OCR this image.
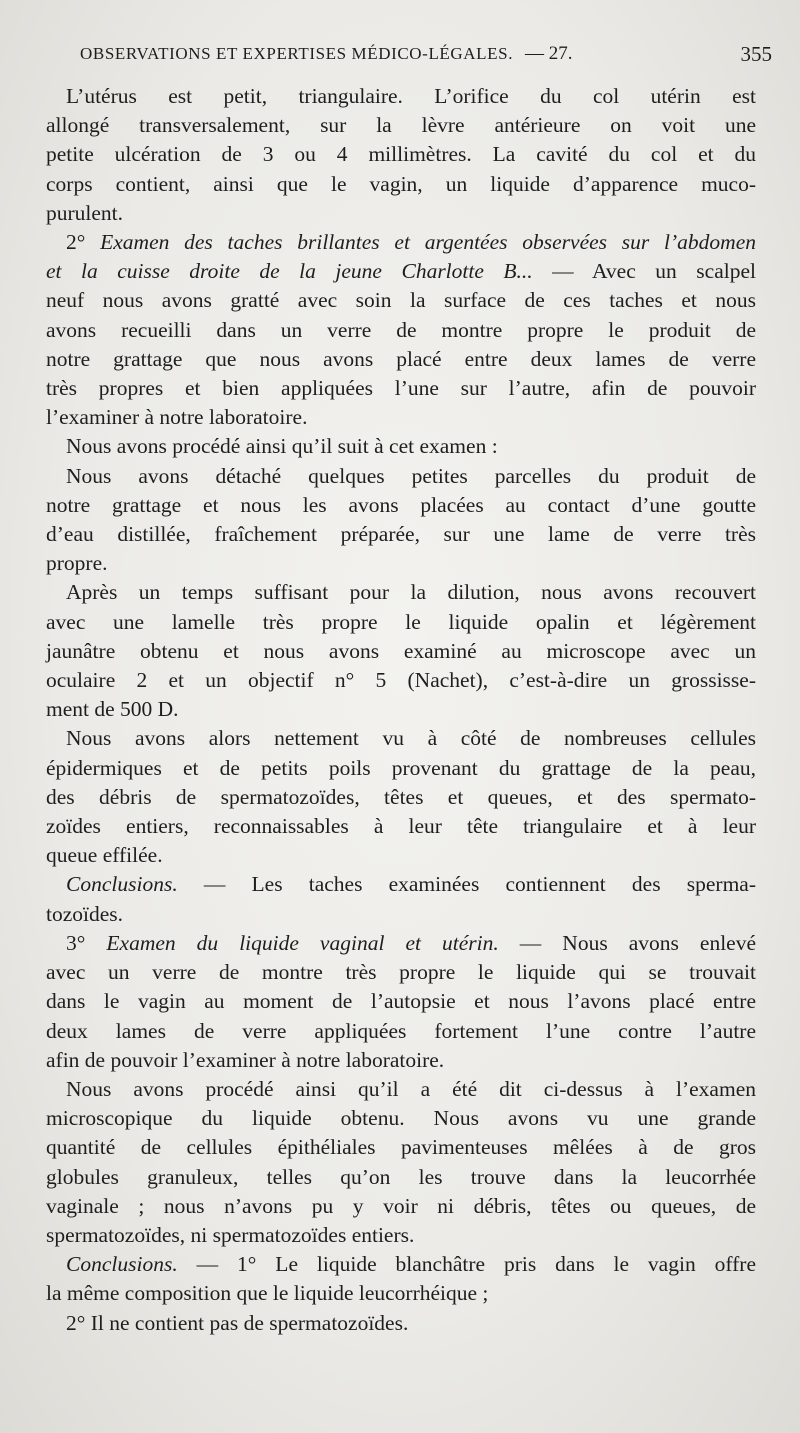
OBSERVATIONS ET EXPERTISES MÉDICO-LÉGALES. — 27.	355
L’utérus est petit, triangulaire. L’orifice du col utérin est
allongé transversalement, sur la lèvre antérieure on voit une
petite ulcération de 3 ou 4 millimètres. La cavité du col et du
corps contient, ainsi que le vagin, un liquide d’apparence muco-
purulent.
2° Examen des taches brillantes et argentées observées sur l’abdomen
et la cuisse droite de la jeune Charlotte B... — Avec un scalpel
neuf nous avons gratté avec soin la surface de ces taches et nous
avons recueilli dans un verre de montre propre le produit de
notre grattage que nous avons placé entre deux lames de verre
très propres et bien appliquées l’une sur l’autre, afin de pouvoir
l’examiner à notre laboratoire.
Nous avons procédé ainsi qu’il suit à cet examen :
Nous avons détaché quelques petites parcelles du produit de
notre grattage et nous les avons placées au contact d’une goutte
d’eau distillée, fraîchement préparée, sur une lame de verre très
propre.
Après un temps suffisant pour la dilution, nous avons recouvert
avec une lamelle très propre le liquide opalin et légèrement
jaunâtre obtenu et nous avons examiné au microscope avec un
oculaire 2 et un objectif n° 5 (Nachet), c’est-à-dire un grossisse-
ment de 500 D.
Nous avons alors nettement vu à côté de nombreuses cellules
épidermiques et de petits poils provenant du grattage de la peau,
des débris de spermatozoïdes, têtes et queues, et des spermato-
zoïdes entiers, reconnaissables à leur tête triangulaire et à leur
queue effilée.
Conclusions. — Les taches examinées contiennent des sperma-
tozoïdes.
3° Examen du liquide vaginal et utérin. — Nous avons enlevé
avec un verre de montre très propre le liquide qui se trouvait
dans le vagin au moment de l’autopsie et nous l’avons placé entre
deux lames de verre appliquées fortement l’une contre l’autre
afin de pouvoir l’examiner à notre laboratoire.
Nous avons procédé ainsi qu’il a été dit ci-dessus à l’examen
microscopique du liquide obtenu. Nous avons vu une grande
quantité de cellules épithéliales pavimenteuses mêlées à de gros
globules granuleux, telles qu’on les trouve dans la leucorrhée
vaginale ; nous n’avons pu y voir ni débris, têtes ou queues, de
spermatozoïdes, ni spermatozoïdes entiers.
Conclusions. — 1° Le liquide blanchâtre pris dans le vagin offre
la même composition que le liquide leucorrhéique ;
2° Il ne contient pas de spermatozoïdes.
